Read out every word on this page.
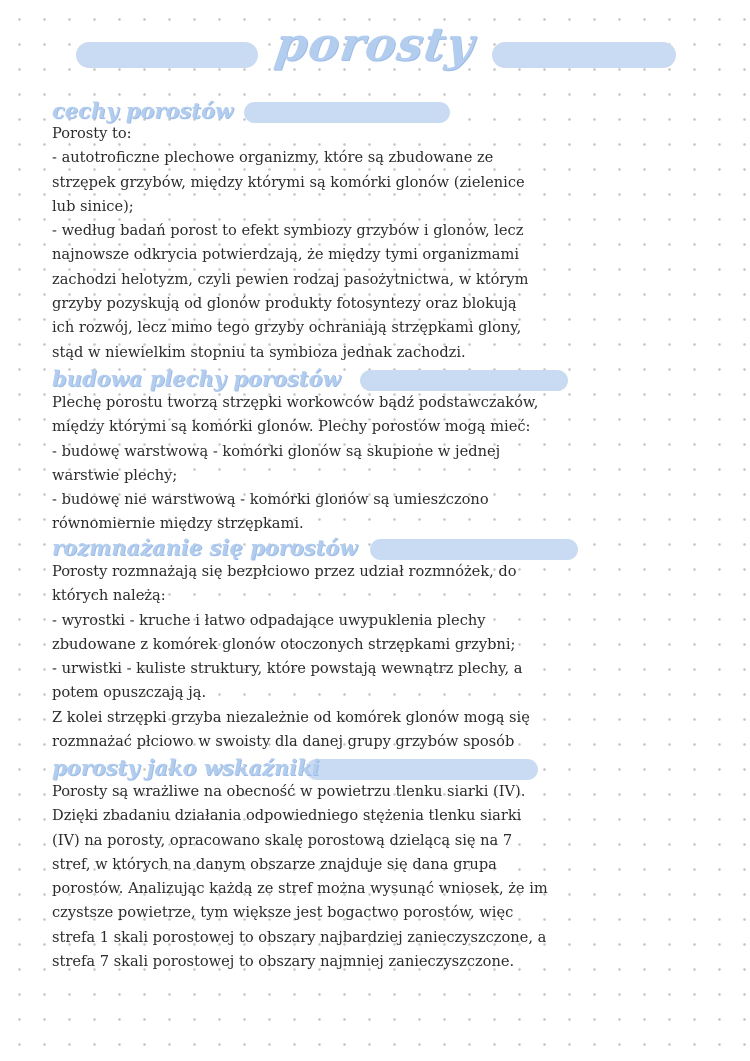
porosty
cechy porostów

Porosty to:

- autotroficzne plechowe organizmy, które są zbudowane ze

strzępek grzybów, między którymi są komórki glonów (zielenice

lub sinice);

- według badań porost to efekt symbiozy grzybów i glonów, lecz

najnowsze odkrycia potwierdzają, że między tymi organizmami

zachodzi helotyzm, czyli pewien rodzaj pasożytnictwa, w którym

grzyby pozyskują od glonów produkty fotosyntezy oraz blokują

ich rozwój, lecz mimo tego grzyby ochraniają strzępkami glony,

stąd w niewielkim stopniu ta symbioza jednak zachodzi.

budowa plechy porostów

Plechę porostu tworzą strzępki workowców bądź podstawczaków,

między którymi są komórki glonów. Plechy porostów mogą mieć:

- budowę warstwową - komórki glonów są skupione w jednej

warstwie plechy;

- budowę nie warstwową - komórki glonów są umieszczono

równomiernie między strzępkami.

rozmnażanie się porostów

Porosty rozmnażają się bezpłciowo przez udział rozmnóżek, do

których należą:

- wyrostki - kruche i łatwo odpadające uwypuklenia plechy

zbudowane z komórek glonów otoczonych strzępkami grzybni;

- urwistki - kuliste struktury, które powstają wewnątrz plechy, a

potem opuszczają ją.

Z kolei strzępki grzyba niezależnie od komórek glonów mogą się

rozmnażać płciowo w swoisty dla danej grupy grzybów sposób

porosty jako wskaźniki

Porosty są wrażliwe na obecność w powietrzu tlenku siarki (IV).

Dzięki zbadaniu działania odpowiedniego stężenia tlenku siarki

(IV) na porosty, opracowano skalę porostową dzielącą się na 7

stref, w których na danym obszarze znajduje się dana grupa

porostów. Analizując każdą ze stref można wysunąć wniosek, że im

czystsze powietrze, tym większe jest bogactwo porostów, więc

strefa 1 skali porostowej to obszary najbardziej zanieczyszczone, a

strefa 7 skali porostowej to obszary najmniej zanieczyszczone.
